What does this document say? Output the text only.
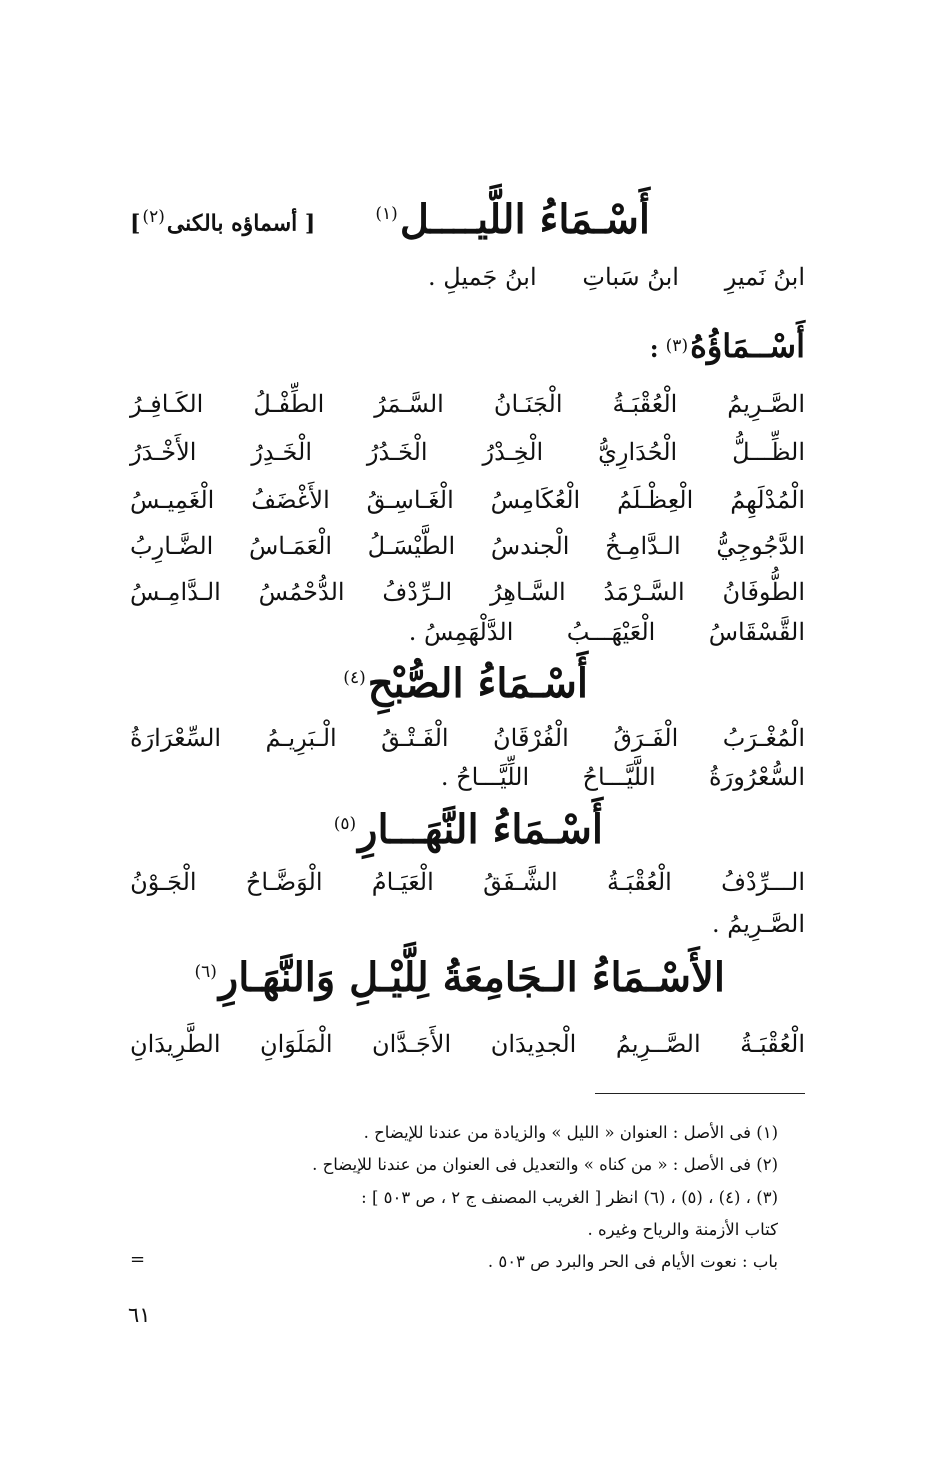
أَسْـمَاءُ اللَّيــــل$^{(١)}$
[ أسماؤه بالكنى$^{(٢)}$]
ابنُ نَميرِ      ابنُ سَباتِ      ابنُ جَميلِ .
أَسْــمَاؤُهُ(٣) :
الصَّـرِيمُ
الْعُقْبَـةُ
الْجَنَـانُ
السَّـمَرُ
الطِّفْـلُ
الكَـافِـرُ
الظِّـــلُّ
الْحُدَارِيُّ
الْخِـدْرُ
الْخَـدُرُ
الْخَـدِرُ
الأَخْـدَرُ
الْمُدْلَهِمُ
الْعِظْـلَمُ
الْعُكَامِسُ
الْغَـاسِـقُ
الأَغْضَفُ
الْغَمِيـسُ
الدَّجُوجِيُّ
الـدَّامِـخُ
الْجندسُ
الطَّيْسَـلُ
الْعَمَـاسُ
الضَّـارِبُ
الطُّوفَانُ
السَّـرْمَدُ
السَّـاهِرُ
الـرِّدْفُ
الدُّحْمُسُ
الـدَّامِـسُ
القَّسْقَاسُ       الْعَيْهَـــبُ       الدَّلْهَمِسُ .
أَسْـمَاءُ الصُّبْحِ$^{(٤)}$
الْمُغْـرَبُ
الْفَـرَقُ
الْفُرْقَانُ
الْفَـتْـقُ
الْـبَرِيـمُ
السِّعْرَارَةُ
السُّعْرُورَةُ       اللَّيَّـــاحُ       اللِّيَّـــاحُ .
أَسْـمَاءُ النَّهَـــارِ$^{(٥)}$
الـــرِّدْفُ
الْعُقْبَـةُ
الشَّـفَقُ
الْعَيَـامُ
الْوَضَّـاحُ
الْجَـوْنُ
الصَّـرِيمُ .
الأَسْـمَاءُ الـجَامِعَةُ لِلَّيْـلِ وَالنَّهَـارِ$^{(٦)}$
الْعُقْبَـةُ
الصَّــرِيمُ
الْجدِيدَان
الأَجَـدَّان
الْمَلَوَانِ
الطَّرِيدَانِ
(١) فى الأصل : العنوان « الليل » والزيادة من عندنا للإيضاح .
(٢) فى الأصل : « من كناه » والتعديل فى العنوان من عندنا للإيضاح .
(٣) ، (٤) ، (٥) ، (٦) انظر [ الغريب المصنف ج ٢ ، ص ٥٠٣ ] :
كتاب الأزمنة والرياح وغيره .
باب : نعوت الأيام فى الحر والبرد ص ٥٠٣ .
=
٦١
